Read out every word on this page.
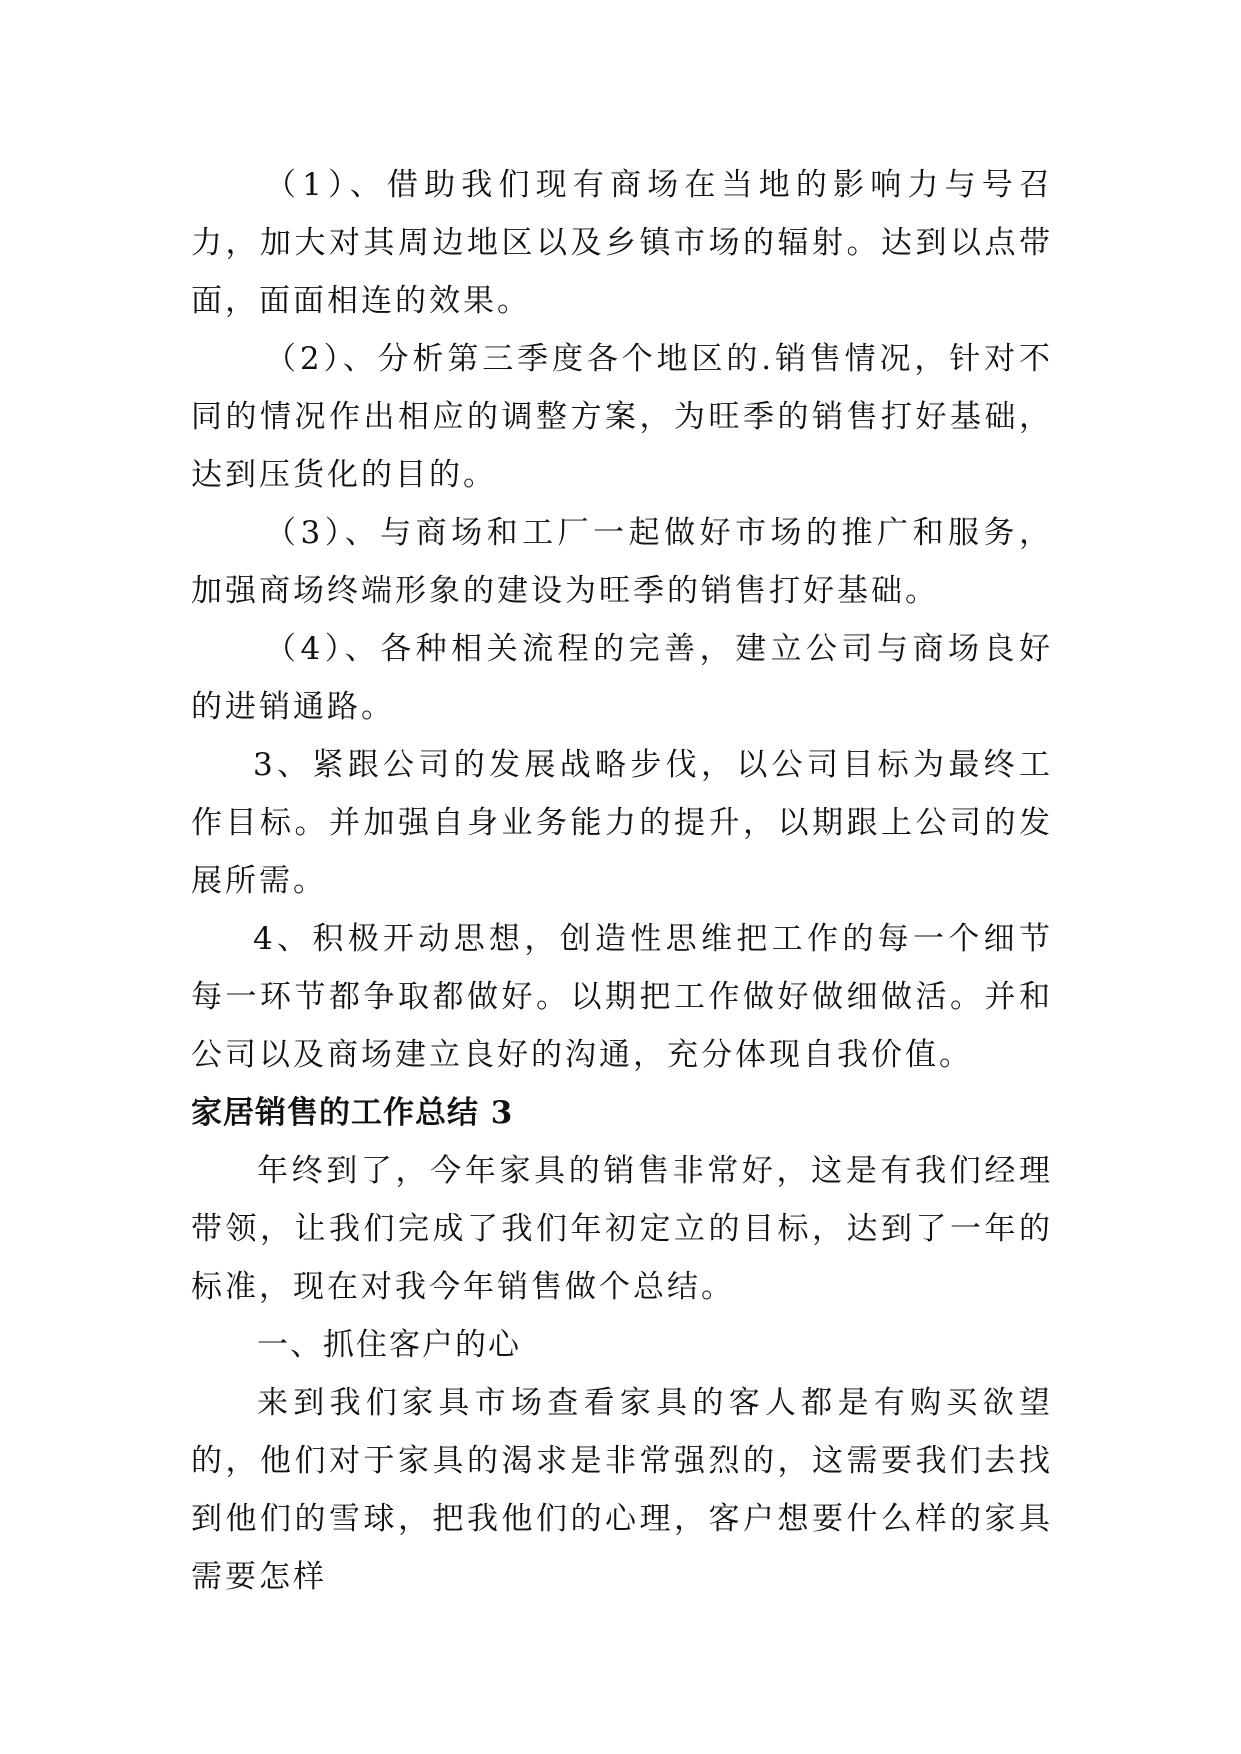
（1）、借助我们现有商场在当地的影响力与号召力，加大对其周边地区以及乡镇市场的辐射。达到以点带面，面面相连的效果。

（2）、分析第三季度各个地区的.销售情况，针对不同的情况作出相应的调整方案，为旺季的销售打好基础，达到压货化的目的。

（3）、与商场和工厂一起做好市场的推广和服务，加强商场终端形象的建设为旺季的销售打好基础。

（4）、各种相关流程的完善，建立公司与商场良好的进销通路。

3、紧跟公司的发展战略步伐，以公司目标为最终工作目标。并加强自身业务能力的提升，以期跟上公司的发展所需。

4、积极开动思想，创造性思维把工作的每一个细节每一环节都争取都做好。以期把工作做好做细做活。并和公司以及商场建立良好的沟通，充分体现自我价值。

家居销售的工作总结 3

年终到了，今年家具的销售非常好，这是有我们经理带领，让我们完成了我们年初定立的目标，达到了一年的标准，现在对我今年销售做个总结。

一、抓住客户的心

来到我们家具市场查看家具的客人都是有购买欲望的，他们对于家具的渴求是非常强烈的，这需要我们去找到他们的雪球，把我他们的心理，客户想要什么样的家具需要怎样
